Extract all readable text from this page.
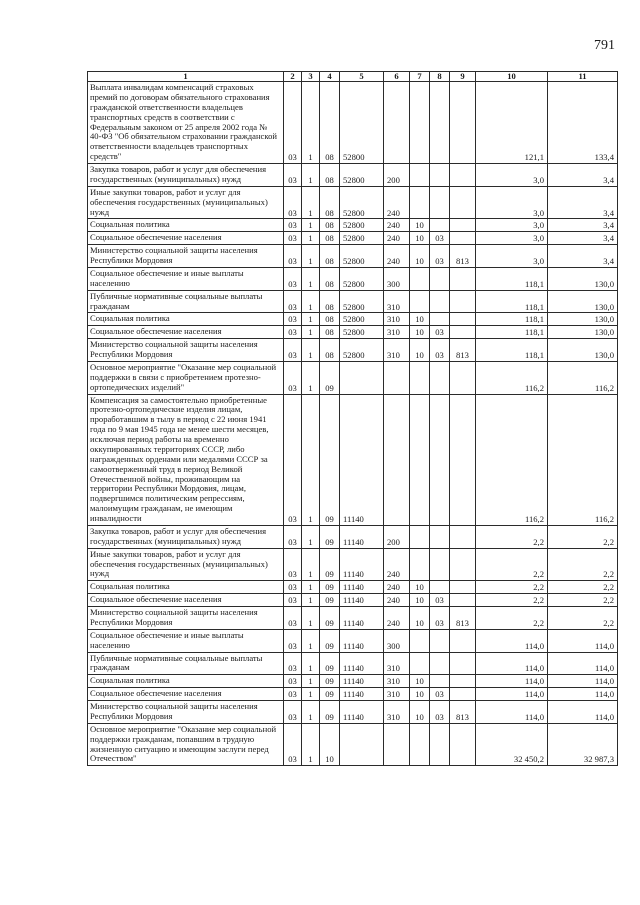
791
1	2	3	4	5	6	7	8	9	10	11
Выплата инвалидам компенсаций страховых премий по договорам обязательного страхования гражданской ответственности владельцев транспортных средств в соответствии с Федеральным законом от 25 апреля 2002 года № 40-ФЗ "Об обязательном страховании гражданской ответственности владельцев транспортных средств"	03	1	08	52800					121,1	133,4
Закупка товаров, работ и услуг для обеспечения государственных (муниципальных) нужд	03	1	08	52800	200				3,0	3,4
Иные закупки товаров, работ и услуг для обеспечения государственных (муниципальных) нужд	03	1	08	52800	240				3,0	3,4
Социальная политика	03	1	08	52800	240	10			3,0	3,4
Социальное обеспечение населения	03	1	08	52800	240	10	03		3,0	3,4
Министерство социальной защиты населения Республики Мордовия	03	1	08	52800	240	10	03	813	3,0	3,4
Социальное обеспечение и иные выплаты населению	03	1	08	52800	300				118,1	130,0
Публичные нормативные социальные выплаты гражданам	03	1	08	52800	310				118,1	130,0
Социальная политика	03	1	08	52800	310	10			118,1	130,0
Социальное обеспечение населения	03	1	08	52800	310	10	03		118,1	130,0
Министерство социальной защиты населения Республики Мордовия	03	1	08	52800	310	10	03	813	118,1	130,0
Основное мероприятие "Оказание мер социальной поддержки в связи с приобретением протезно-ортопедических изделий"	03	1	09						116,2	116,2
Компенсация за самостоятельно приобретенные протезно-ортопедические изделия лицам, проработавшим в тылу в период с 22 июня 1941 года по 9 мая 1945 года не менее шести месяцев, исключая период работы на временно оккупированных территориях СССР, либо награжденных орденами или медалями СССР за самоотверженный труд в период Великой Отечественной войны, проживающим на территории Республики Мордовия, лицам, подвергшимся политическим репрессиям, малоимущим гражданам, не имеющим инвалидности	03	1	09	11140					116,2	116,2
Закупка товаров, работ и услуг для обеспечения государственных (муниципальных) нужд	03	1	09	11140	200				2,2	2,2
Иные закупки товаров, работ и услуг для обеспечения государственных (муниципальных) нужд	03	1	09	11140	240				2,2	2,2
Социальная политика	03	1	09	11140	240	10			2,2	2,2
Социальное обеспечение населения	03	1	09	11140	240	10	03		2,2	2,2
Министерство социальной защиты населения Республики Мордовия	03	1	09	11140	240	10	03	813	2,2	2,2
Социальное обеспечение и иные выплаты населению	03	1	09	11140	300				114,0	114,0
Публичные нормативные социальные выплаты гражданам	03	1	09	11140	310				114,0	114,0
Социальная политика	03	1	09	11140	310	10			114,0	114,0
Социальное обеспечение населения	03	1	09	11140	310	10	03		114,0	114,0
Министерство социальной защиты населения Республики Мордовия	03	1	09	11140	310	10	03	813	114,0	114,0
Основное мероприятие "Оказание мер социальной поддержки гражданам, попавшим в трудную жизненную ситуацию и имеющим заслуги перед Отечеством"	03	1	10						32 450,2	32 987,3
